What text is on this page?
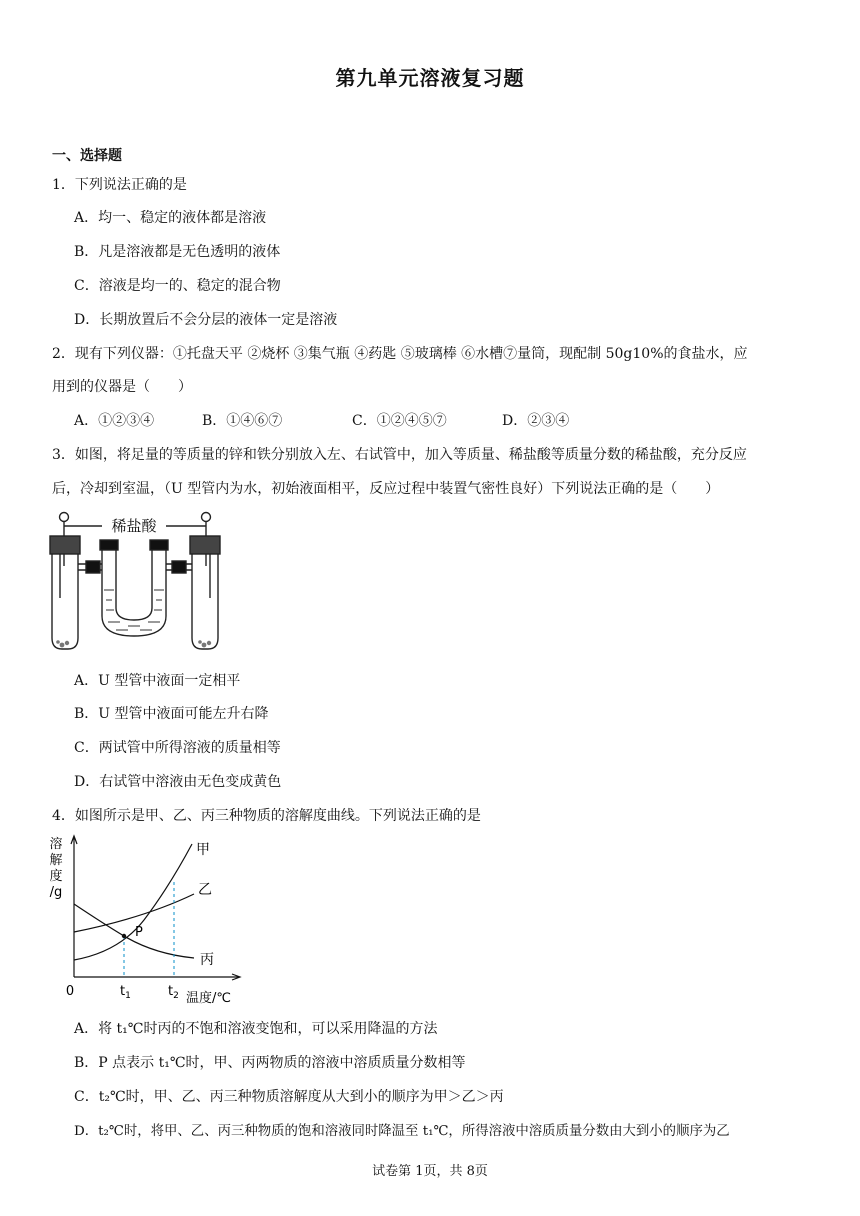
第九单元溶液复习题
一、选择题
1．下列说法正确的是
A．均一、稳定的液体都是溶液
B．凡是溶液都是无色透明的液体
C．溶液是均一的、稳定的混合物
D．长期放置后不会分层的液体一定是溶液
2．现有下列仪器：①托盘天平 ②烧杯 ③集气瓶 ④药匙 ⑤玻璃棒 ⑥水槽⑦量筒，现配制 50g10%的食盐水，应
用到的仪器是（　　）
A．①②③④	B．①④⑥⑦	C．①②④⑤⑦	D．②③④
3．如图，将足量的等质量的锌和铁分别放入左、右试管中，加入等质量、稀盐酸等质量分数的稀盐酸，充分反应
后，冷却到室温，（U 型管内为水，初始液面相平，反应过程中装置气密性良好）下列说法正确的是（　　）
稀盐酸
A．U 型管中液面一定相平
B．U 型管中液面可能左升右降
C．两试管中所得溶液的质量相等
D．右试管中溶液由无色变成黄色
4．如图所示是甲、乙、丙三种物质的溶解度曲线。下列说法正确的是
溶
解
度
/g
P
甲
乙
丙
0	$t_1$	$t_2$ 温度/℃
A．将 t₁℃时丙的不饱和溶液变饱和，可以采用降温的方法
B．P 点表示 t₁℃时，甲、丙两物质的溶液中溶质质量分数相等
C．t₂℃时，甲、乙、丙三种物质溶解度从大到小的顺序为甲＞乙＞丙
D．t₂℃时，将甲、乙、丙三种物质的饱和溶液同时降温至 t₁℃，所得溶液中溶质质量分数由大到小的顺序为乙
试卷第 1页，共 8页
